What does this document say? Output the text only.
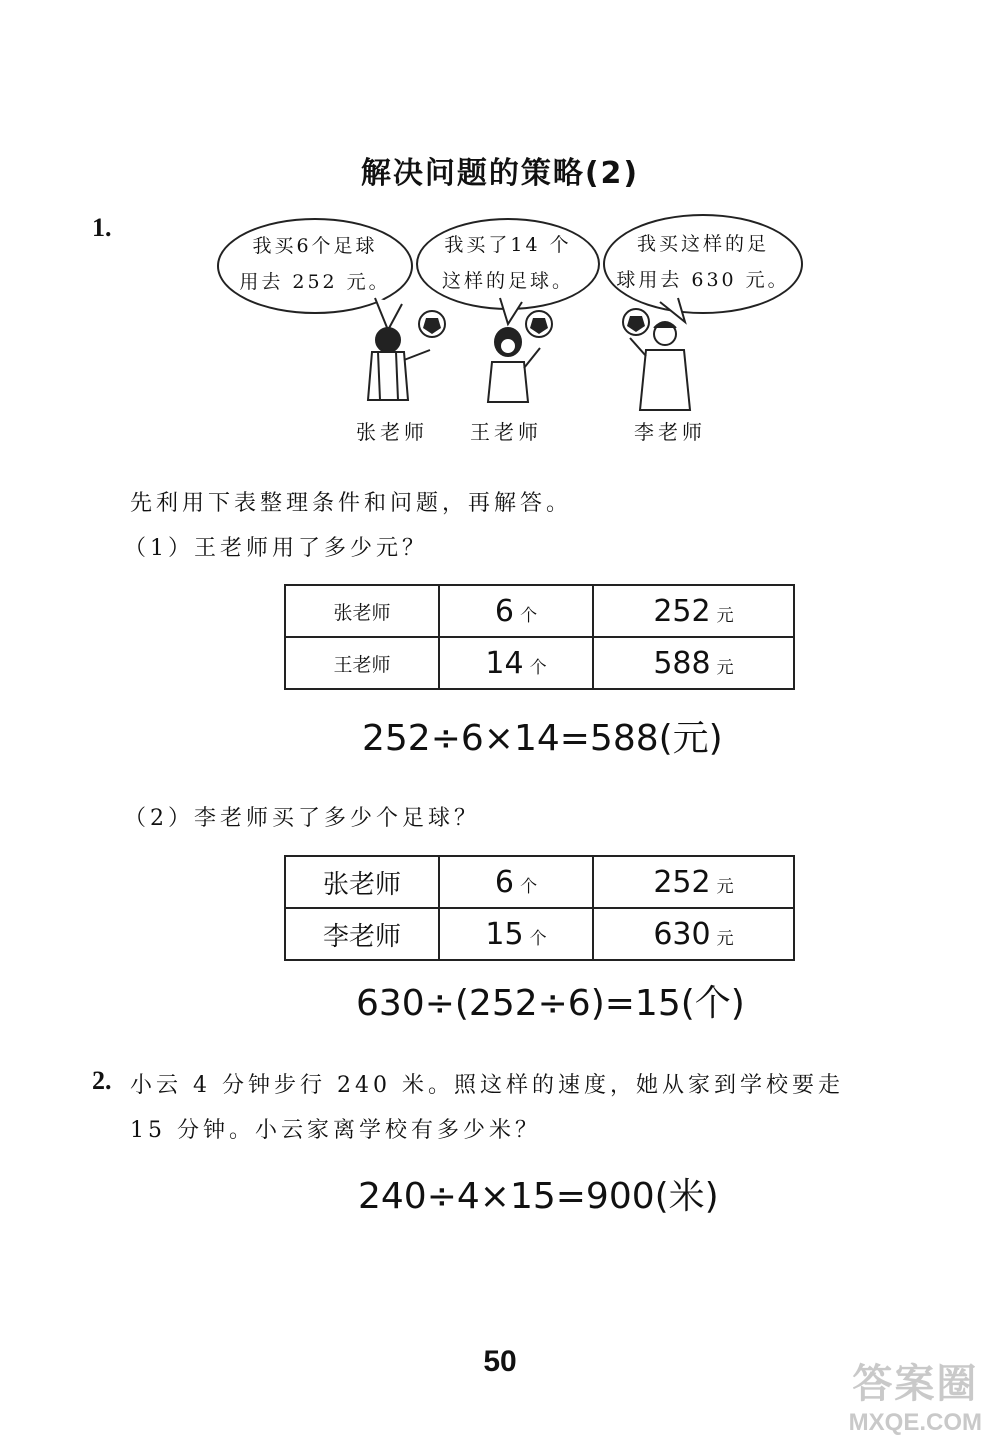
解决问题的策略(2)
1.
我买6个足球
用去 252 元。
我买了14 个
这样的足球。
我买这样的足
球用去 630 元。
张老师 王老师	李老师
先利用下表整理条件和问题，再解答。
（1）王老师用了多少元？
张老师	6 个	252 元
王老师	14 个	588 元
252÷6×14=588(元)
（2）李老师买了多少个足球？
张老师	6 个	252 元
李老师	15 个	630 元
630÷(252÷6)=15(个)
2. 小云 4 分钟步行 240 米。照这样的速度，她从家到学校要走
15 分钟。小云家离学校有多少米？
240÷4×15=900(米)
50
答案圈
MXQE.COM
